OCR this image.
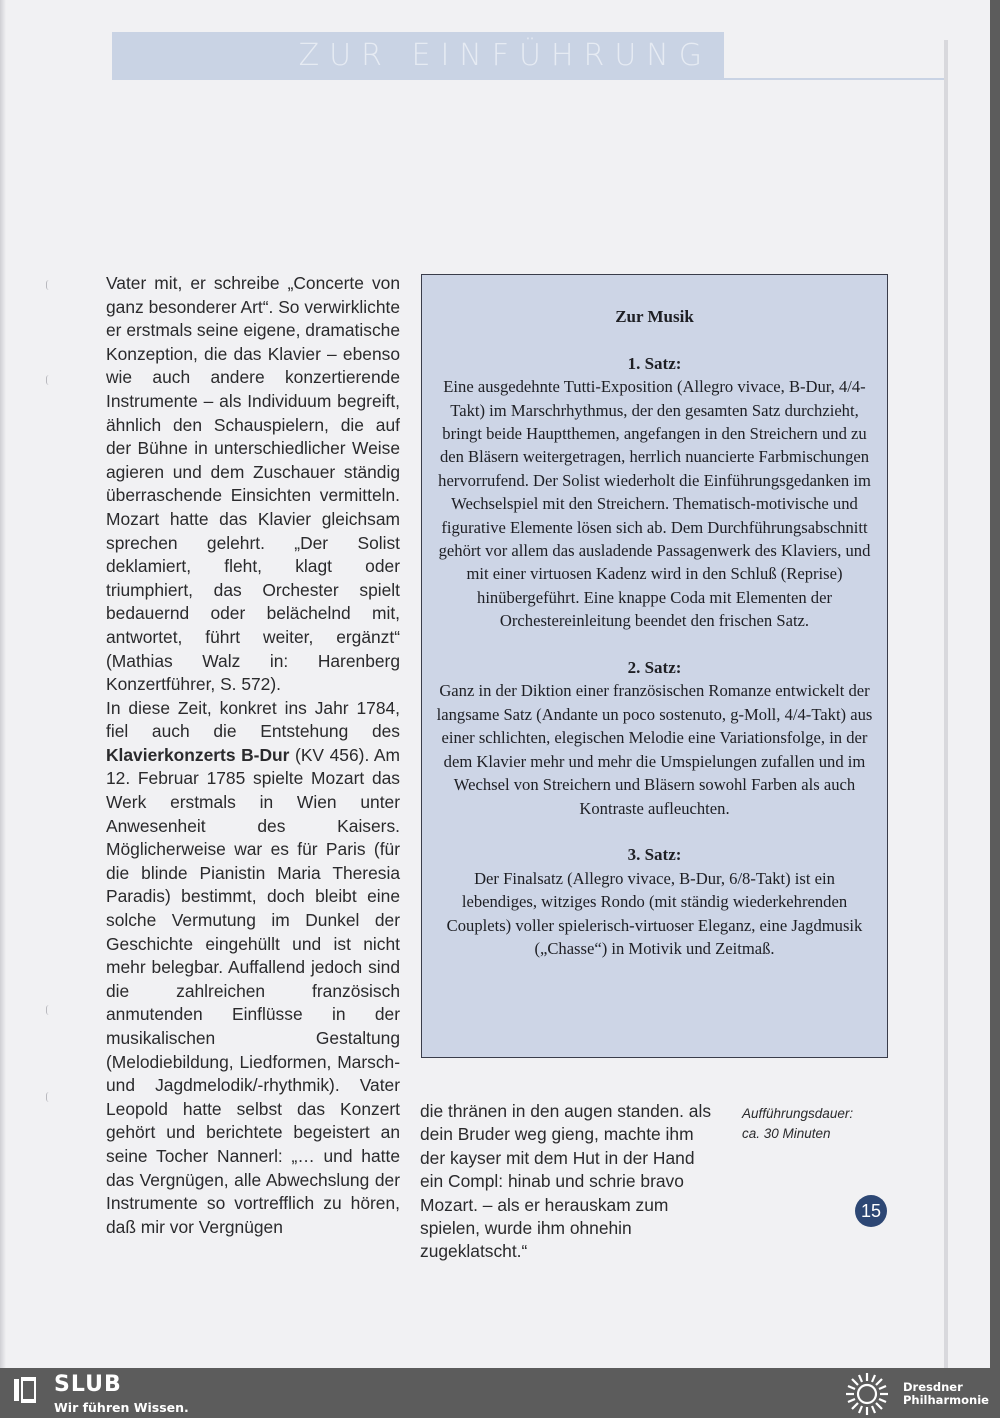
ZUR EINFÜHRUNG

Vater mit, er schreibe „Concerte von ganz besonderer Art“. So verwirklichte er erstmals seine eigene, dramatische Konzeption, die das Klavier – ebenso wie auch andere konzertierende Instrumente – als Individuum begreift, ähnlich den Schauspielern, die auf der Bühne in unterschiedlicher Weise agieren und dem Zuschauer ständig überraschende Einsichten vermitteln. Mozart hatte das Klavier gleichsam sprechen gelehrt. „Der Solist deklamiert, fleht, klagt oder triumphiert, das Orchester spielt bedauernd oder belächelnd mit, antwortet, führt weiter, ergänzt“ (Mathias Walz in: Harenberg Konzertführer, S. 572).

In diese Zeit, konkret ins Jahr 1784, fiel auch die Entstehung des Klavierkonzerts B-Dur (KV 456). Am 12. Februar 1785 spielte Mozart das Werk erstmals in Wien unter Anwesenheit des Kaisers. Möglicherweise war es für Paris (für die blinde Pianistin Maria Theresia Paradis) bestimmt, doch bleibt eine solche Vermutung im Dunkel der Geschichte eingehüllt und ist nicht mehr belegbar. Auffallend jedoch sind die zahlreichen französisch anmutenden Einflüsse in der musikalischen Gestaltung (Melodiebildung, Liedformen, Marsch- und Jagdmelodik/-rhythmik). Vater Leopold hatte selbst das Konzert gehört und berichtete begeistert an seine Tocher Nannerl: „… und hatte das Vergnügen, alle Abwechslung der Instrumente so vortrefflich zu hören, daß mir vor Vergnügen

Zur Musik
1. Satz:

Eine ausgedehnte Tutti-Exposition (Allegro vivace, B-Dur, 4/4-Takt) im Marschrhythmus, der den gesamten Satz durchzieht, bringt beide Hauptthemen, angefangen in den Streichern und zu den Bläsern weitergetragen, herrlich nuancierte Farbmischungen hervorrufend. Der Solist wiederholt die Einführungsgedanken im Wechselspiel mit den Streichern. Thematisch-motivische und figurative Elemente lösen sich ab. Dem Durchführungsabschnitt gehört vor allem das ausladende Passagenwerk des Klaviers, und mit einer virtuosen Kadenz wird in den Schluß (Reprise) hinübergeführt. Eine knappe Coda mit Elementen der Orchestereinleitung beendet den frischen Satz.

2. Satz:

Ganz in der Diktion einer französischen Romanze entwickelt der langsame Satz (Andante un poco sostenuto, g-Moll, 4/4-Takt) aus einer schlichten, elegischen Melodie eine Variationsfolge, in der dem Klavier mehr und mehr die Umspielungen zufallen und im Wechsel von Streichern und Bläsern sowohl Farben als auch Kontraste aufleuchten.

3. Satz:

Der Finalsatz (Allegro vivace, B-Dur, 6/8-Takt) ist ein lebendiges, witziges Rondo (mit ständig wiederkehrenden Couplets) voller spielerisch-virtuoser Eleganz, eine Jagdmusik („Chasse“) in Motivik und Zeitmaß.

die thränen in den augen standen. als dein Bruder weg gieng, machte ihm der kayser mit dem Hut in der Hand ein Compl: hinab und schrie bravo Mozart. – als er herauskam zum spielen, wurde ihm ohnehin zugeklatscht.“

Aufführungsdauer:
ca. 30 Minuten
15
SLUB
Wir führen Wissen.
Dresdner
Philharmonie
